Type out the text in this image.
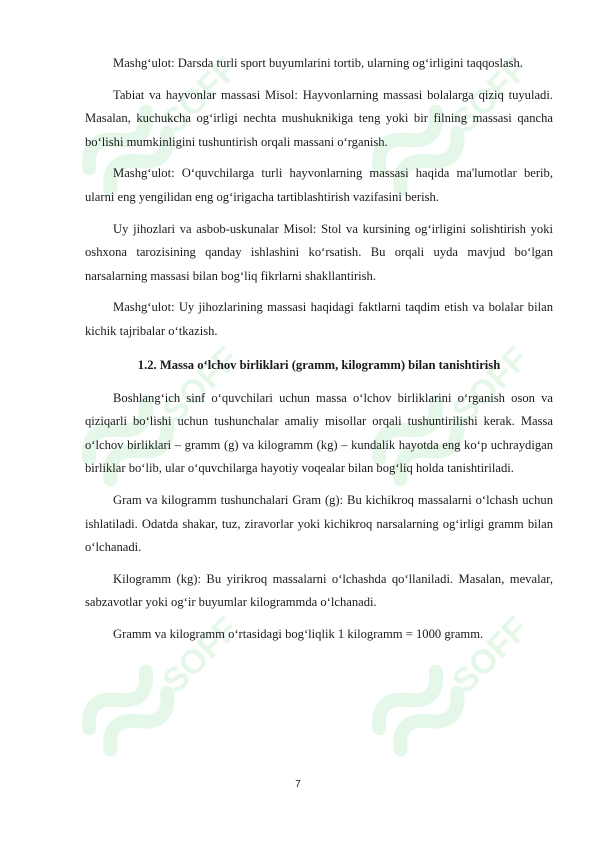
SOFF	SOFF
SOFF	SOFF
SOFF	SOFF

Mashg‘ulot: Darsda turli sport buyumlarini tortib, ularning og‘irligini taqqoslash.

Tabiat va hayvonlar massasi Misol: Hayvonlarning massasi bolalarga qiziq tuyuladi. Masalan, kuchukcha og‘irligi nechta mushuknikiga teng yoki bir filning massasi qancha bo‘lishi mumkinligini tushuntirish orqali massani o‘rganish.

Mashg‘ulot: O‘quvchilarga turli hayvonlarning massasi haqida ma'lumotlar berib, ularni eng yengilidan eng og‘irigacha tartiblashtirish vazifasini berish.

Uy jihozlari va asbob-uskunalar Misol: Stol va kursining og‘irligini solishtirish yoki oshxona tarozisining qanday ishlashini ko‘rsatish. Bu orqali uyda mavjud bo‘lgan narsalarning massasi bilan bog‘liq fikrlarni shakllantirish.

Mashg‘ulot: Uy jihozlarining massasi haqidagi faktlarni taqdim etish va bolalar bilan kichik tajribalar o‘tkazish.

1.2. Massa o‘lchov birliklari (gramm, kilogramm) bilan tanishtirish

Boshlang‘ich sinf o‘quvchilari uchun massa o‘lchov birliklarini o‘rganish oson va qiziqarli bo‘lishi uchun tushunchalar amaliy misollar orqali tushuntirilishi kerak. Massa o‘lchov birliklari – gramm (g) va kilogramm (kg) – kundalik hayotda eng ko‘p uchraydigan birliklar bo‘lib, ular o‘quvchilarga hayotiy voqealar bilan bog‘liq holda tanishtiriladi.

Gram va kilogramm tushunchalari Gram (g): Bu kichikroq massalarni o‘lchash uchun ishlatiladi. Odatda shakar, tuz, ziravorlar yoki kichikroq narsalarning og‘irligi gramm bilan o‘lchanadi.

Kilogramm (kg): Bu yirikroq massalarni o‘lchashda qo‘llaniladi. Masalan, mevalar, sabzavotlar yoki og‘ir buyumlar kilogrammda o‘lchanadi.

Gramm va kilogramm o‘rtasidagi bog‘liqlik 1 kilogramm = 1000 gramm.

7
